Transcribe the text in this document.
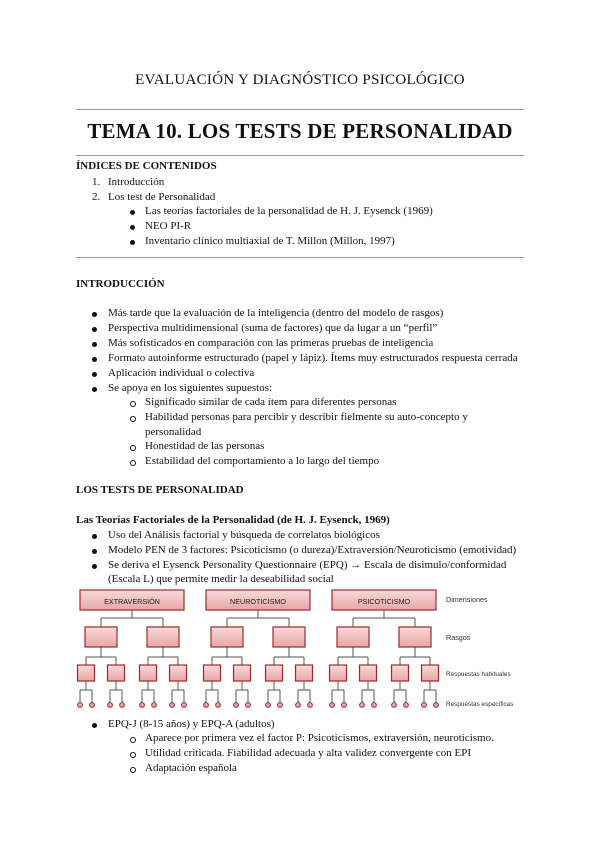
EVALUACIÓN Y DIAGNÓSTICO PSICOLÓGICO
TEMA 10. LOS TESTS DE PERSONALIDAD
ÍNDICES DE CONTENIDOS
1. Introducción
2. Los test de Personalidad
Las teorías factoriales de la personalidad de H. J. Eysenck (1969)
NEO PI-R
Inventario clínico multiaxial de T. Millon (Millon, 1997)
INTRODUCCIÓN
Más tarde que la evaluación de la inteligencia (dentro del modelo de rasgos)
Perspectiva multidimensional (suma de factores) que da lugar a un “perfil”
Más sofisticados en comparación con las primeras pruebas de inteligencia
Formato autoinforme estructurado (papel y lápiz). Ítems muy estructurados respuesta cerrada
Aplicación individual o colectiva
Se apoya en los siguientes supuestos:
Significado similar de cada ítem para diferentes personas
Habilidad personas para percibir y describir fielmente su auto-concepto y
personalidad
Honestidad de las personas
Estabilidad del comportamiento a lo largo del tiempo
LOS TESTS DE PERSONALIDAD
Las Teorías Factoriales de la Personalidad (de H. J. Eysenck, 1969)
Uso del Análisis factorial y búsqueda de correlatos biológicos
Modelo PEN de 3 factores: Psicoticismo (o dureza)/Extraversión/Neuroticismo (emotividad)
Se deriva el Eysenck Personality Questionnaire (EPQ) → Escala de disimulo/conformidad
(Escala L) que permite medir la deseabilidad social
EXTRAVERSIÓN	NEUROTICISMO	PSICOTICISMO	Dimensiones
Rasgos
Respuestas habituales
Respuestas específicas
EPQ-J (8-15 años) y EPQ-A (adultos)
Aparece por primera vez el factor P: Psicoticismos, extraversión, neuroticismo.
Utilidad criticada. Fiabilidad adecuada y alta validez convergente con EPI
Adaptación española
